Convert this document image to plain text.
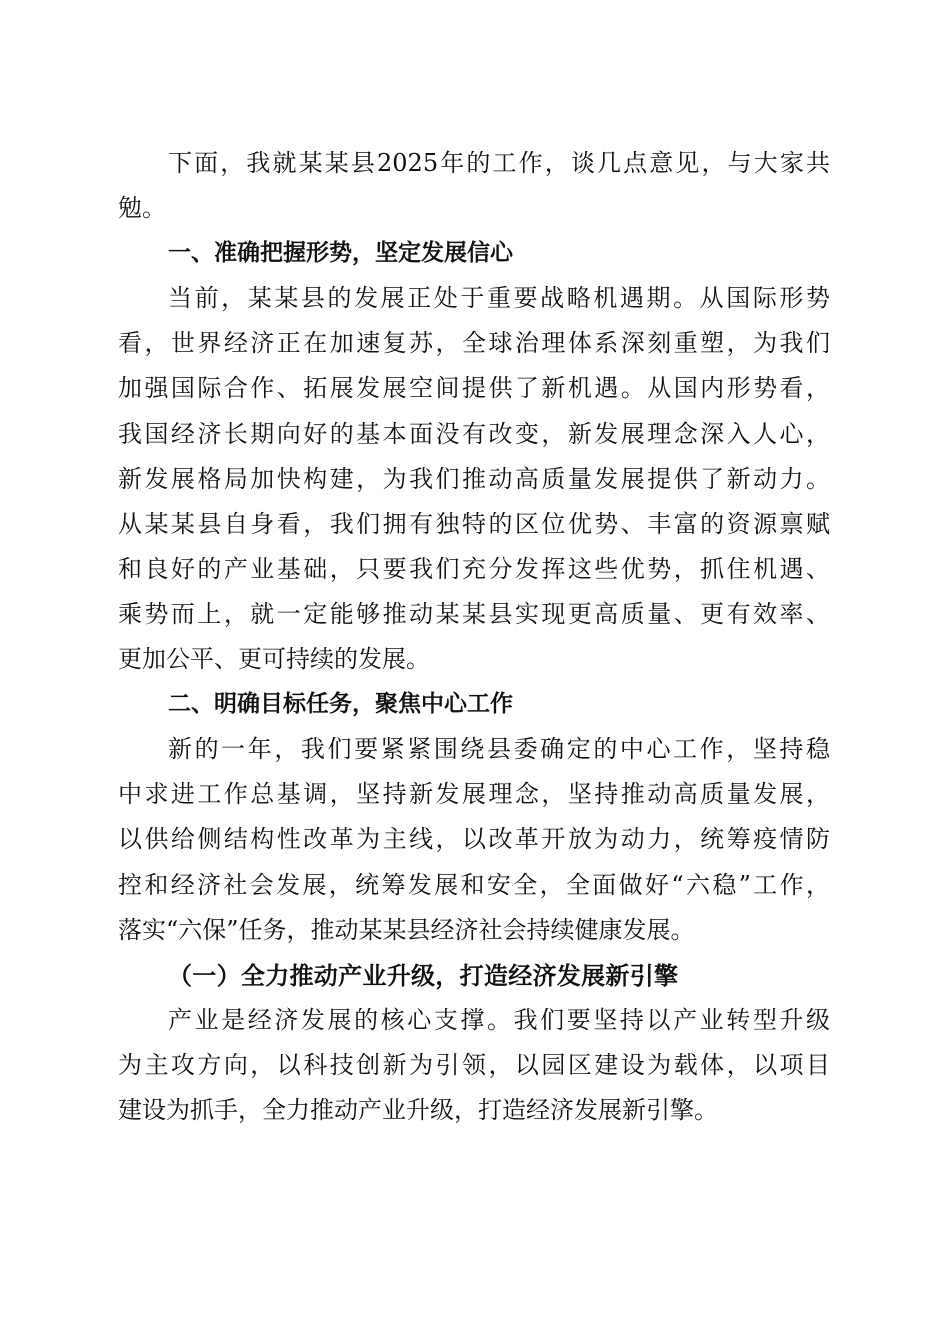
下面，我就某某县2025年的工作，谈几点意见，与大家共
勉。
一、准确把握形势，坚定发展信心
当前，某某县的发展正处于重要战略机遇期。从国际形势
看，世界经济正在加速复苏，全球治理体系深刻重塑，为我们
加强国际合作、拓展发展空间提供了新机遇。从国内形势看，
我国经济长期向好的基本面没有改变，新发展理念深入人心，
新发展格局加快构建，为我们推动高质量发展提供了新动力。
从某某县自身看，我们拥有独特的区位优势、丰富的资源禀赋
和良好的产业基础，只要我们充分发挥这些优势，抓住机遇、
乘势而上，就一定能够推动某某县实现更高质量、更有效率、
更加公平、更可持续的发展。
二、明确目标任务，聚焦中心工作
新的一年，我们要紧紧围绕县委确定的中心工作，坚持稳
中求进工作总基调，坚持新发展理念，坚持推动高质量发展，
以供给侧结构性改革为主线，以改革开放为动力，统筹疫情防
控和经济社会发展，统筹发展和安全，全面做好“六稳”工作，
落实“六保”任务，推动某某县经济社会持续健康发展。
（一）全力推动产业升级，打造经济发展新引擎
产业是经济发展的核心支撑。我们要坚持以产业转型升级
为主攻方向，以科技创新为引领，以园区建设为载体，以项目
建设为抓手，全力推动产业升级，打造经济发展新引擎。
